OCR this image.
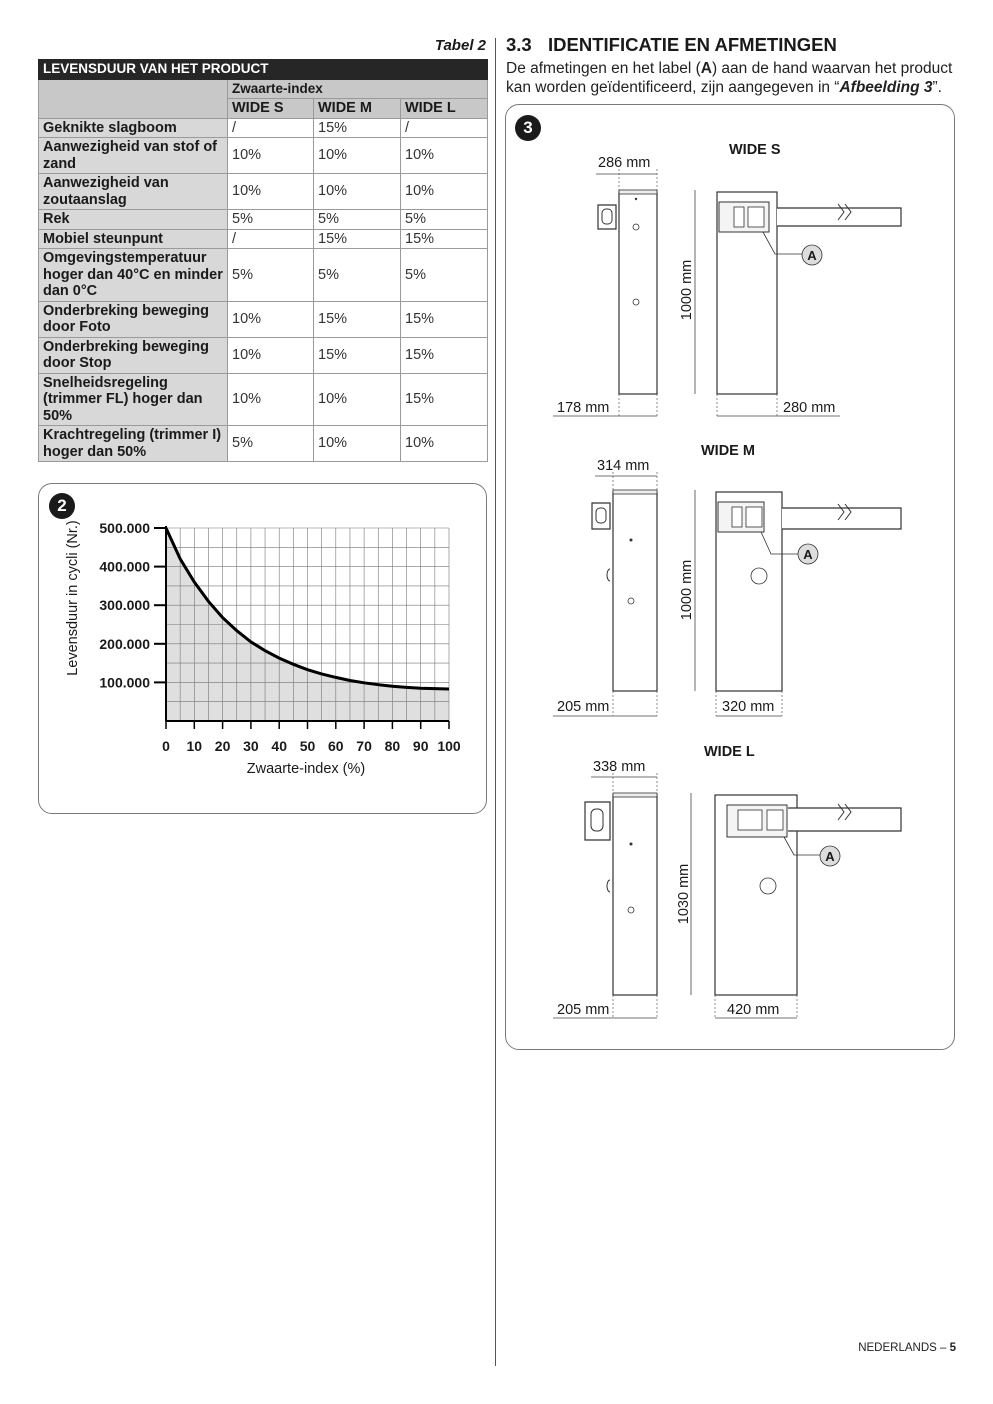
Tabel 2
LEVENSDUUR VAN HET PRODUCT			
	Zwaarte-index		
	WIDE S	WIDE M	WIDE L
Geknikte slagboom	/	15%	/
Aanwezigheid van stof of zand	10%	10%	10%
Aanwezigheid van zoutaanslag	10%	10%	10%
Rek	5%	5%	5%
Mobiel steunpunt	/	15%	15%
Omgevingstemperatuur hoger dan 40°C en minder dan 0°C	5%	5%	5%
Onderbreking beweging door Foto	10%	15%	15%
Onderbreking beweging door Stop	10%	15%	15%
Snelheidsregeling (trimmer FL) hoger dan 50%	10%	10%	15%
Krachtregeling (trimmer I) hoger dan 50%	5%	10%	10%
2
0 10 20 30 40 50 60 70 80 90 100
100.000
200.000
300.000
400.000
500.000
Zwaarte-index (%)
Levensduur in cycli (Nr.)
3.3 IDENTIFICATIE EN AFMETINGEN
De afmetingen en het label (A) aan de hand waarvan het product kan worden geïdentificeerd, zijn aangegeven in “Afbeelding 3”.
3
WIDE S
286 mm
178 mm
1000 mm
A
280 mm
WIDE M
314 mm
205 mm
1000 mm
A
320 mm
WIDE L
338 mm
205 mm
1030 mm
A
420 mm
NEDERLANDS – 5
